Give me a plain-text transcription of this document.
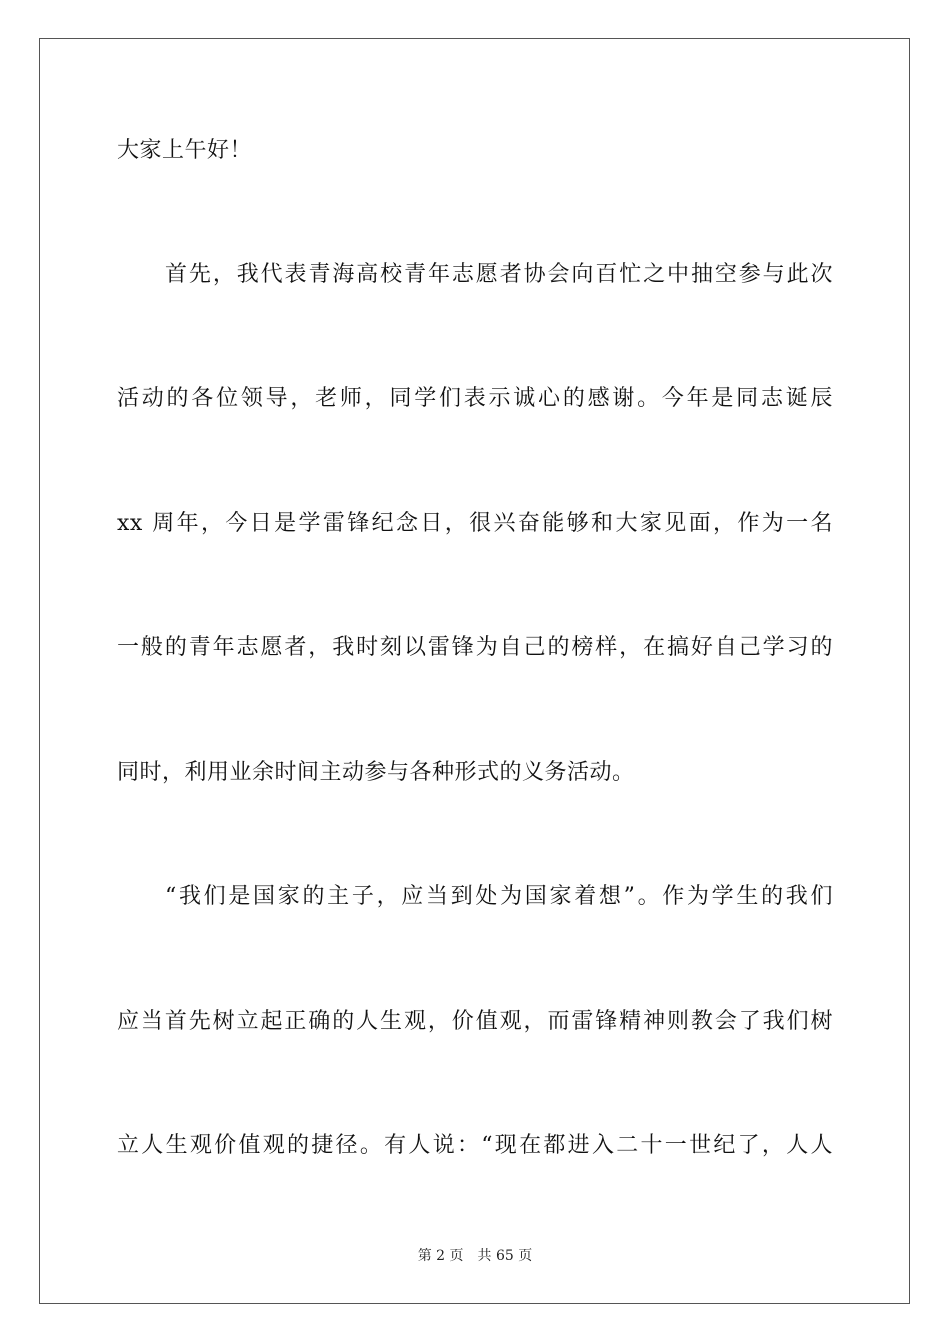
大家上午好！
首先，我代表青海高校青年志愿者协会向百忙之中抽空参与此次
活动的各位领导，老师，同学们表示诚心的感谢。今年是同志诞辰
xx 周年，今日是学雷锋纪念日，很兴奋能够和大家见面，作为一名
一般的青年志愿者，我时刻以雷锋为自己的榜样，在搞好自己学习的
同时，利用业余时间主动参与各种形式的义务活动。
“我们是国家的主子，应当到处为国家着想”。作为学生的我们
应当首先树立起正确的人生观，价值观，而雷锋精神则教会了我们树
立人生观价值观的捷径。有人说：“现在都进入二十一世纪了，人人
第 2 页 共 65 页
